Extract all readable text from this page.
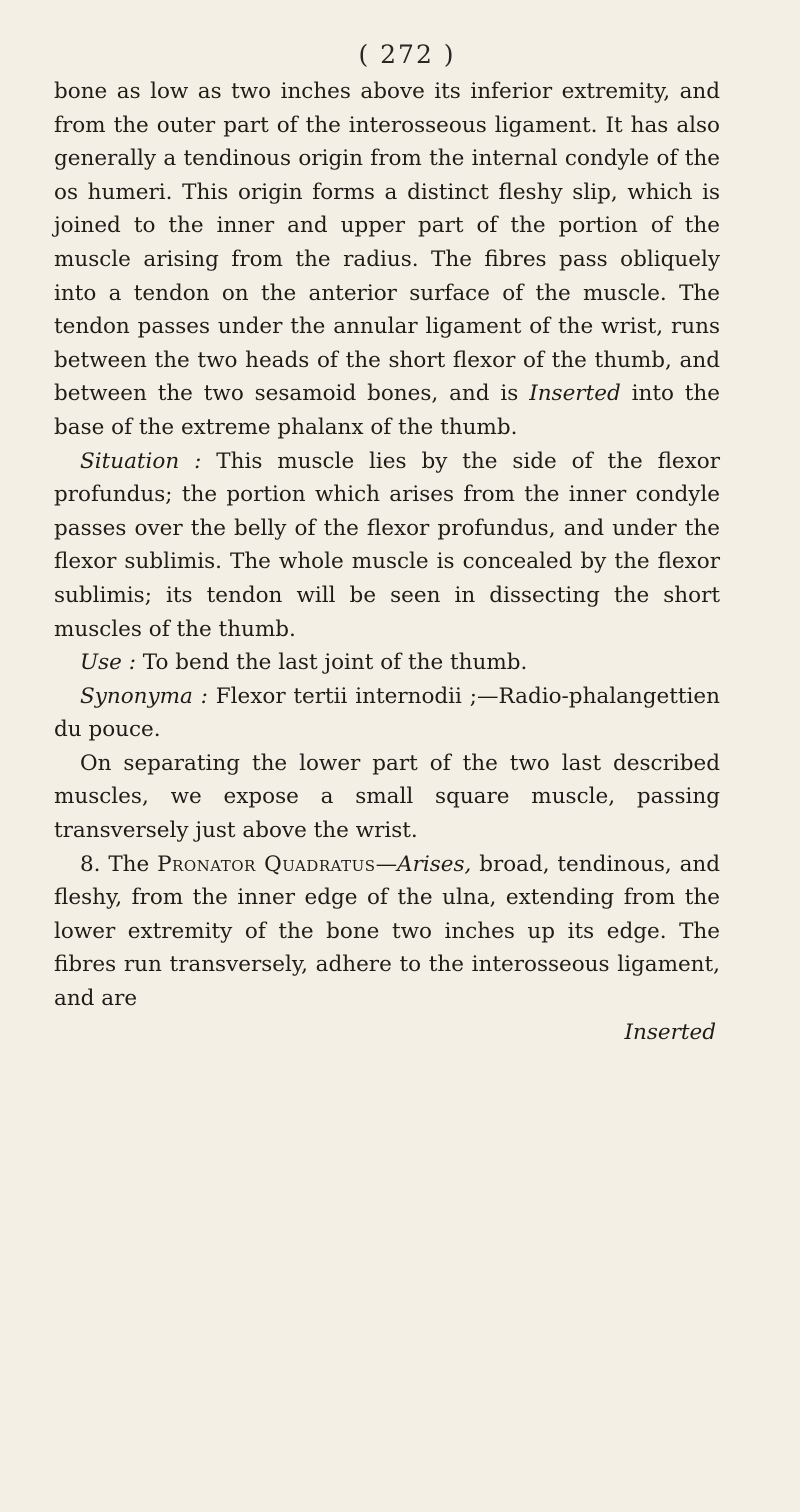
( 272 )

bone as low as two inches above its inferior extremity, and from the outer part of the interosseous ligament. It has also generally a tendinous origin from the internal condyle of the os humeri. This origin forms a distinct fleshy slip, which is joined to the inner and upper part of the portion of the muscle arising from the radius. The fibres pass obliquely into a tendon on the anterior surface of the muscle. The tendon passes under the annular ligament of the wrist, runs between the two heads of the short flexor of the thumb, and between the two sesamoid bones, and is Inserted into the base of the extreme phalanx of the thumb.

Situation : This muscle lies by the side of the flexor profundus; the portion which arises from the inner condyle passes over the belly of the flexor profundus, and under the flexor sublimis. The whole muscle is concealed by the flexor sublimis; its tendon will be seen in dissecting the short muscles of the thumb.

Use : To bend the last joint of the thumb.

Synonyma : Flexor tertii internodii ;—Radio-phalangettien du pouce.

On separating the lower part of the two last described muscles, we expose a small square muscle, passing transversely just above the wrist.

8. The Pronator Quadratus—Arises, broad, tendinous, and fleshy, from the inner edge of the ulna, extending from the lower extremity of the bone two inches up its edge. The fibres run transversely, adhere to the interosseous ligament, and are

Inserted
